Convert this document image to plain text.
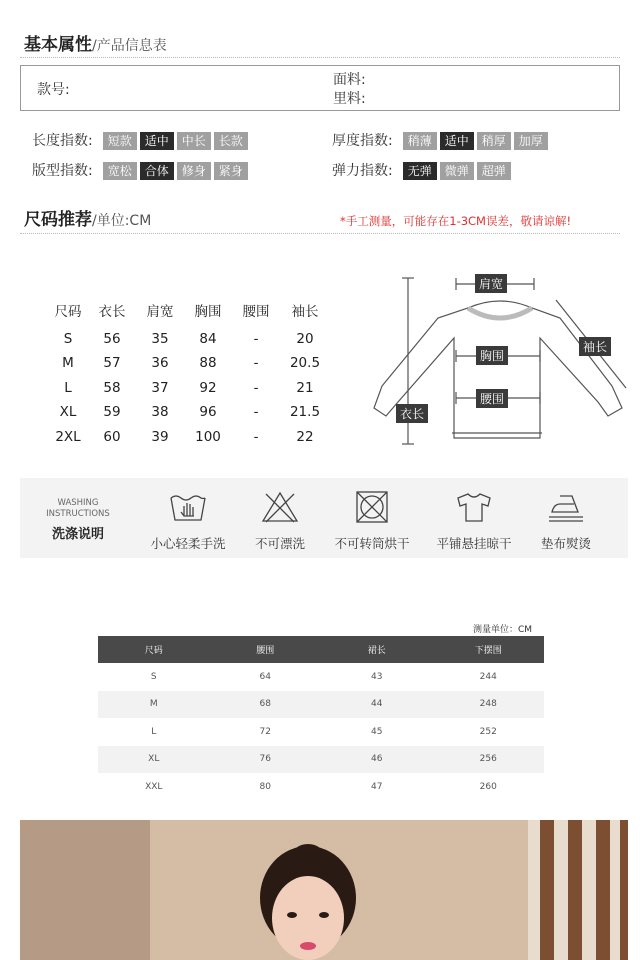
基本属性 /产品信息表
款号:
面料:
里料:
长度指数:	短款 适中 中长 长款	厚度指数:	稍薄 适中 稍厚 加厚
版型指数:	宽松 合体 修身 紧身	弹力指数:	无弹 微弹 超弹
尺码推荐 /单位:CM	*手工测量，可能存在1-3CM误差，敬请谅解!
尺码	衣长	肩宽	胸围	腰围	袖长
S	56	35	84	-	20
M	57	36	88	-	20.5
L	58	37	92	-	21
XL	59	38	96	-	21.5
2XL	60	39	100	-	22
肩宽
胸围
腰围
袖长
衣长
WASHING
INSTRUCTIONS
洗涤说明
小心轻柔手洗	不可漂洗	不可转筒烘干	平铺悬挂晾干	垫布熨烫
测量单位：CM
尺码	腰围	裙长	下摆围
S	64	43	244
M	68	44	248
L	72	45	252
XL	76	46	256
XXL	80	47	260
